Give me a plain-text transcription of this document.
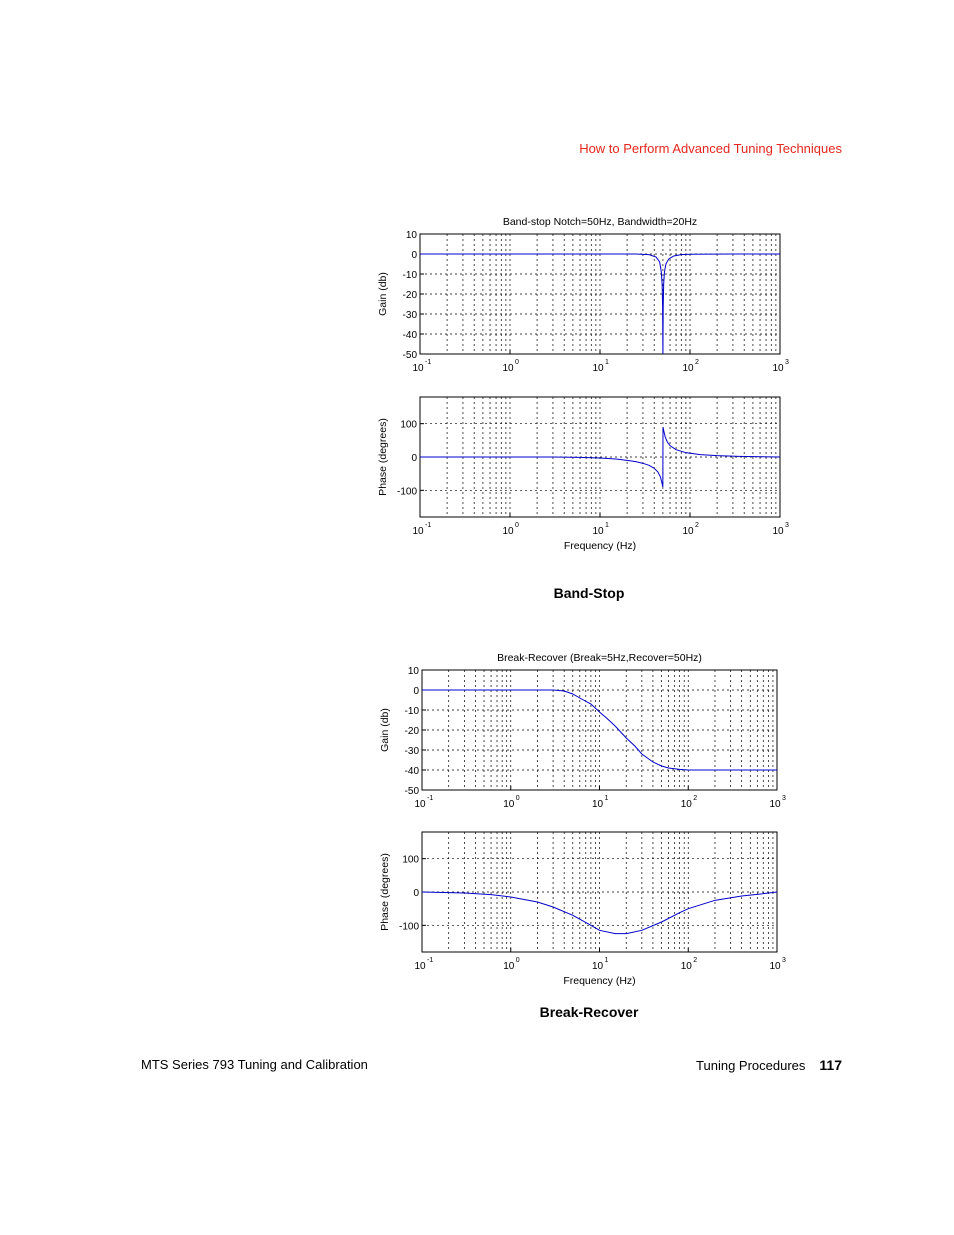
How to Perform Advanced Tuning Techniques
10
0
-10
-20
-30
-40
-50
10
-1
10
0
10
1
10
2
10
3
Band-stop Notch=50Hz, Bandwidth=20Hz
Gain (db)
100
0
-100
10
-1
10
0
10
1
10
2
10
3
Frequency (Hz)
Phase (degrees)
Band-Stop
10
0
-10
-20
-30
-40
-50
10
-1
10
0
10
1
10
2
10
3
Break-Recover (Break=5Hz,Recover=50Hz)
Gain (db)
100
0
-100
10
-1
10
0
10
1
10
2
10
3
Frequency (Hz)
Phase (degrees)
Break-Recover
MTS Series 793 Tuning and Calibration	Tuning Procedures 117
